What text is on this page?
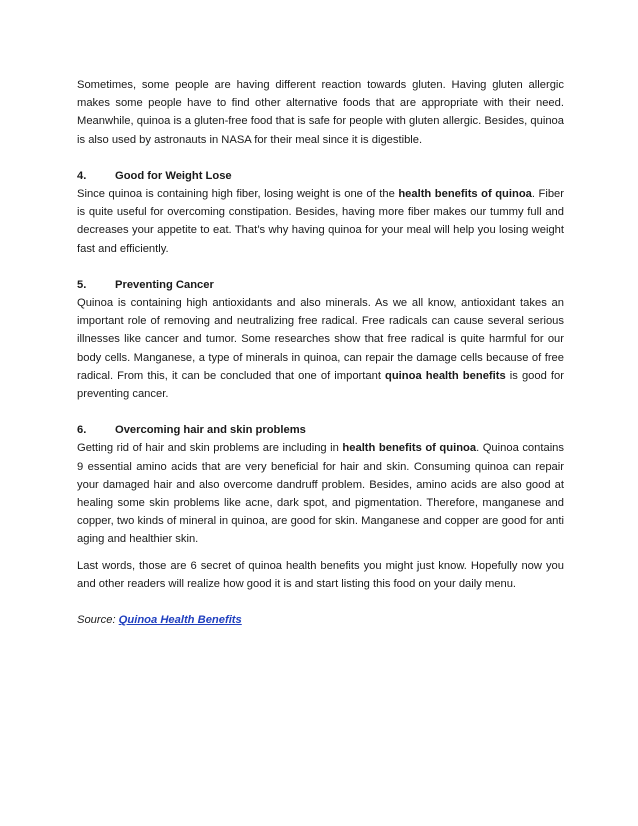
Sometimes, some people are having different reaction towards gluten. Having gluten allergic makes some people have to find other alternative foods that are appropriate with their need. Meanwhile, quinoa is a gluten-free food that is safe for people with gluten allergic. Besides, quinoa is also used by astronauts in NASA for their meal since it is digestible.

4.	Good for Weight Lose

Since quinoa is containing high fiber, losing weight is one of the health benefits of quinoa. Fiber is quite useful for overcoming constipation. Besides, having more fiber makes our tummy full and decreases your appetite to eat. That’s why having quinoa for your meal will help you losing weight fast and efficiently.

5.	Preventing Cancer

Quinoa is containing high antioxidants and also minerals. As we all know, antioxidant takes an important role of removing and neutralizing free radical. Free radicals can cause several serious illnesses like cancer and tumor. Some researches show that free radical is quite harmful for our body cells. Manganese, a type of minerals in quinoa, can repair the damage cells because of free radical. From this, it can be concluded that one of important quinoa health benefits is good for preventing cancer.

6.	Overcoming hair and skin problems

Getting rid of hair and skin problems are including in health benefits of quinoa. Quinoa contains 9 essential amino acids that are very beneficial for hair and skin. Consuming quinoa can repair your damaged hair and also overcome dandruff problem. Besides, amino acids are also good at healing some skin problems like acne, dark spot, and pigmentation. Therefore, manganese and copper, two kinds of mineral in quinoa, are good for skin. Manganese and copper are good for anti aging and healthier skin.

Last words, those are 6 secret of quinoa health benefits you might just know. Hopefully now you and other readers will realize how good it is and start listing this food on your daily menu.

Source: Quinoa Health Benefits
